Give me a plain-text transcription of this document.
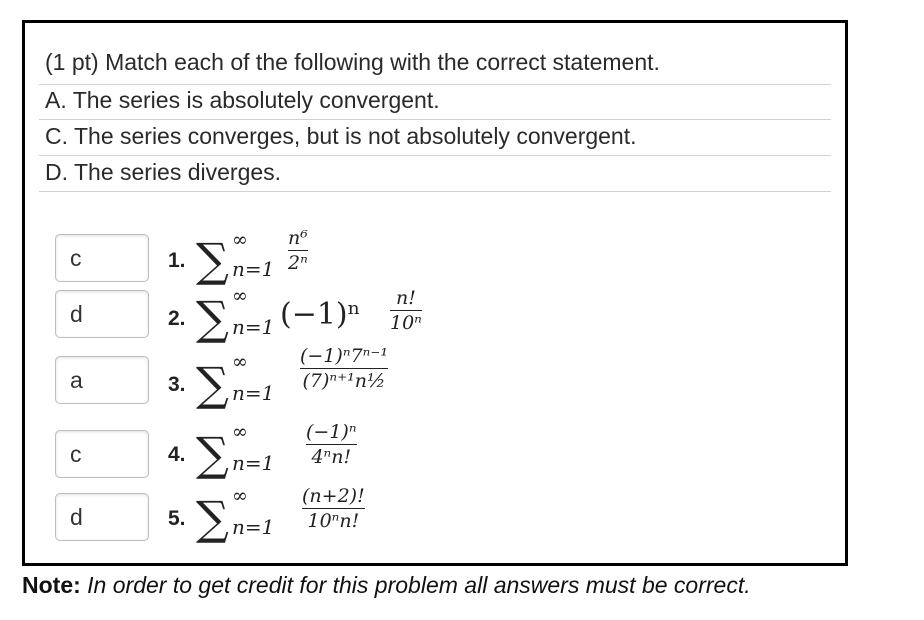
(1 pt) Match each of the following with the correct statement.
A. The series is absolutely convergent.
C. The series converges, but is not absolutely convergent.
D. The series diverges.
c
d
a
c
d
1. ∑ ∞
n=1
n⁶
2ⁿ
2. ∑ ∞
n=1 (−1)ⁿ	n!
10ⁿ
3. ∑ ∞
n=1
(−1)ⁿ7ⁿ⁻¹
(7)ⁿ⁺¹n½
4. ∑ ∞
n=1
(−1)ⁿ
4ⁿn!
5. ∑ ∞
n=1
(n+2)!
10ⁿn!
Note: In order to get credit for this problem all answers must be correct.
